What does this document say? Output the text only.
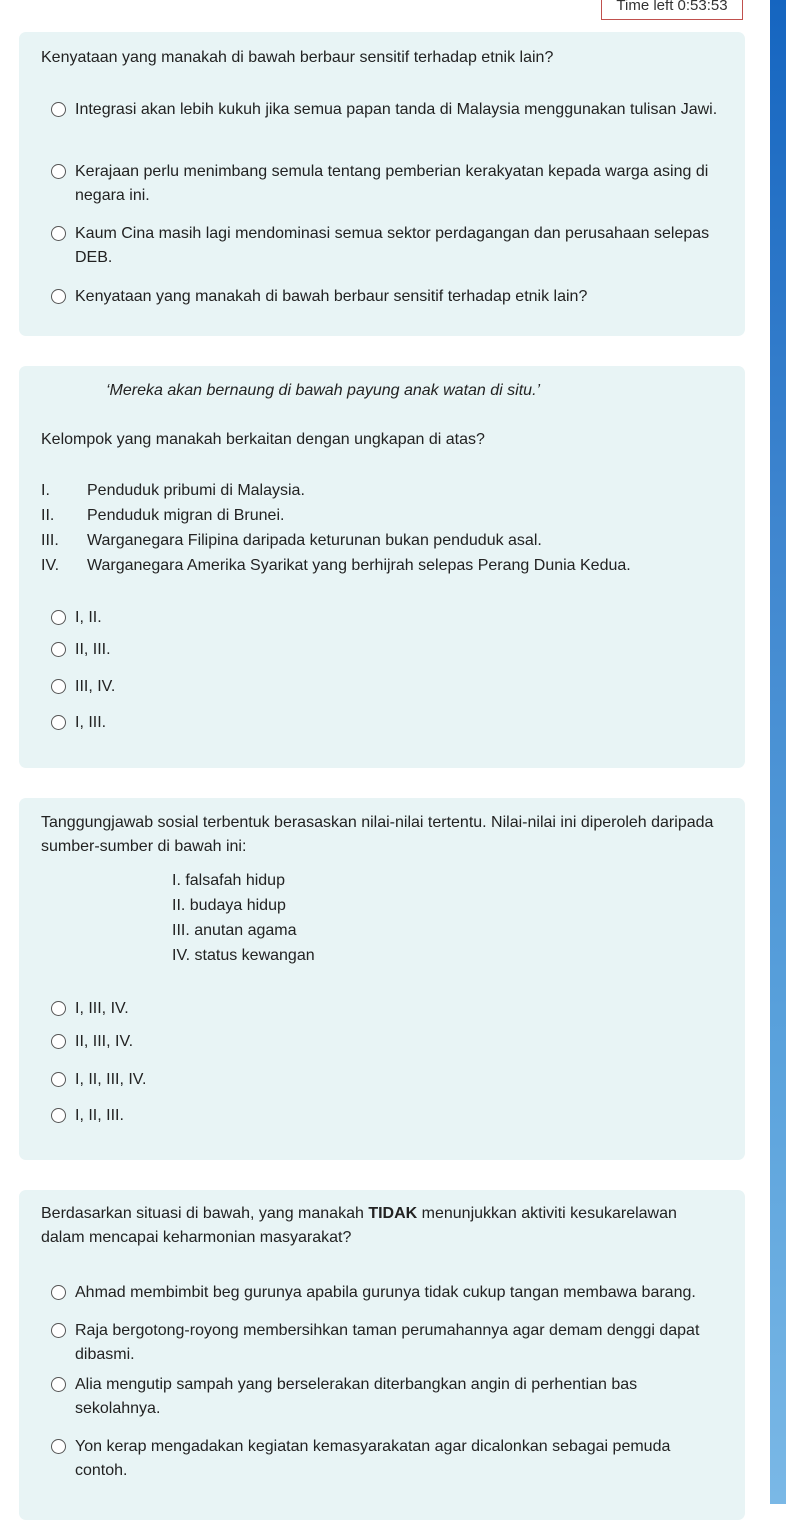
Time left 0:53:53

Kenyataan yang manakah di bawah berbaur sensitif terhadap etnik lain?

Integrasi akan lebih kukuh jika semua papan tanda di Malaysia menggunakan tulisan Jawi.
Kerajaan perlu menimbang semula tentang pemberian kerakyatan kepada warga asing di negara ini.
Kaum Cina masih lagi mendominasi semua sektor perdagangan dan perusahaan selepas DEB.
Kenyataan yang manakah di bawah berbaur sensitif terhadap etnik lain?

‘Mereka akan bernaung di bawah payung anak watan di situ.’

Kelompok yang manakah berkaitan dengan ungkapan di atas?

I.	Penduduk pribumi di Malaysia.
II.	Penduduk migran di Brunei.
III.	Warganegara Filipina daripada keturunan bukan penduduk asal.
IV.	Warganegara Amerika Syarikat yang berhijrah selepas Perang Dunia Kedua.
I, II.
II, III.
III, IV.
I, III.

Tanggungjawab sosial terbentuk berasaskan nilai-nilai tertentu. Nilai-nilai ini diperoleh daripada sumber-sumber di bawah ini:

I. falsafah hidup
II. budaya hidup
III. anutan agama
IV. status kewangan
I, III, IV.
II, III, IV.
I, II, III, IV.
I, II, III.

Berdasarkan situasi di bawah, yang manakah TIDAK menunjukkan aktiviti kesukarelawan dalam mencapai keharmonian masyarakat?

Ahmad membimbit beg gurunya apabila gurunya tidak cukup tangan membawa barang.
Raja bergotong-royong membersihkan taman perumahannya agar demam denggi dapat dibasmi.
Alia mengutip sampah yang berselerakan diterbangkan angin di perhentian bas sekolahnya.
Yon kerap mengadakan kegiatan kemasyarakatan agar dicalonkan sebagai pemuda contoh.
